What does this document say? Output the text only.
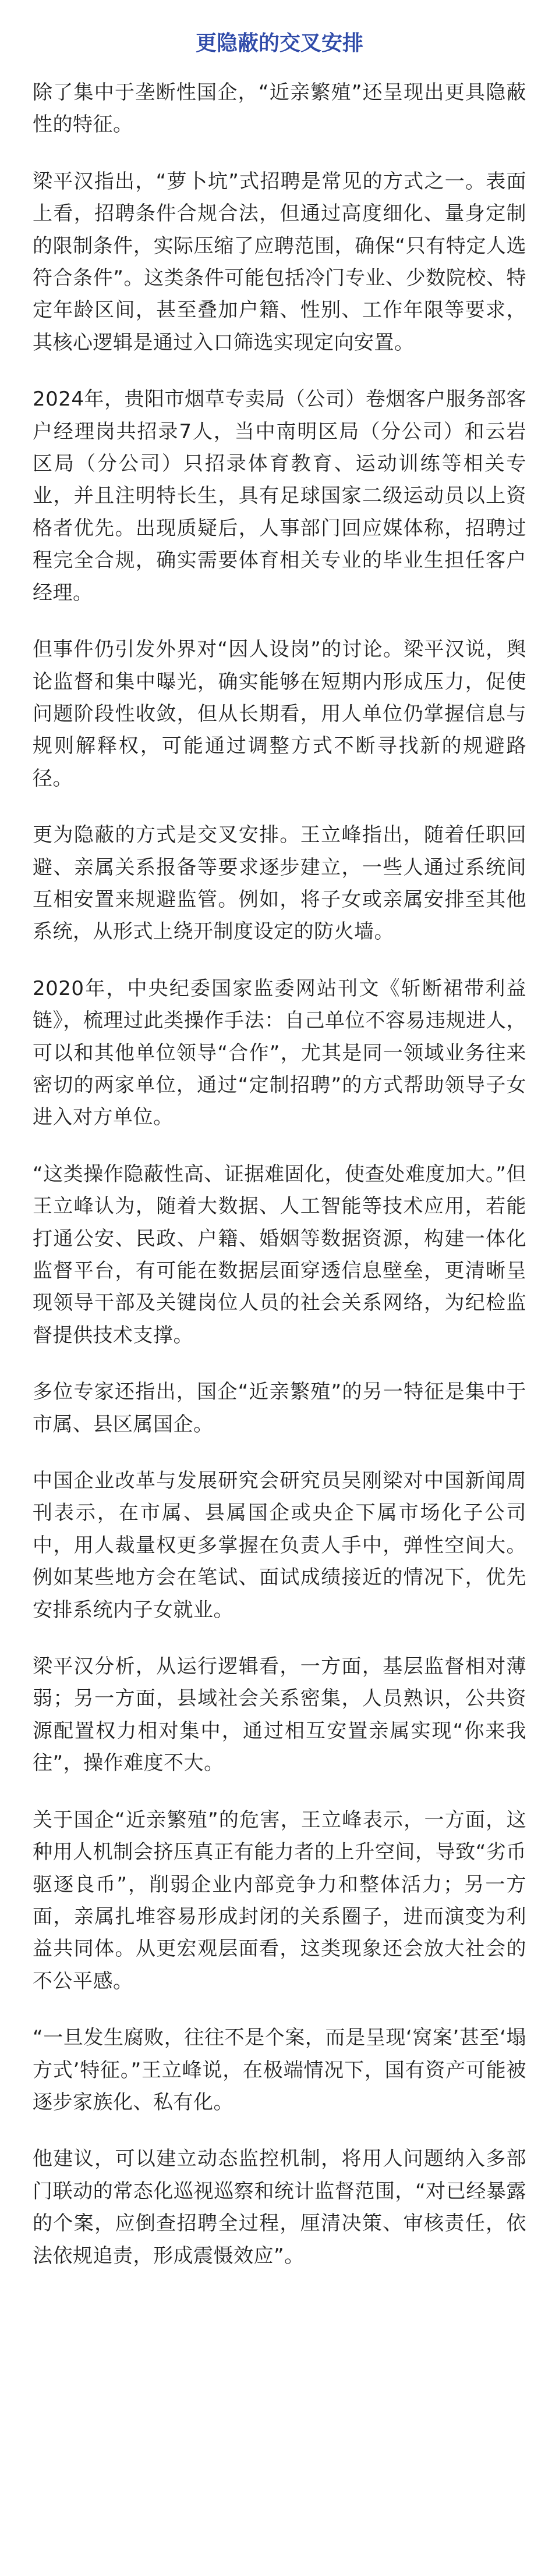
更隐蔽的交叉安排

除了集中于垄断性国企，“近亲繁殖”还呈现出更具隐蔽性的特征。

梁平汉指出，“萝卜坑”式招聘是常见的方式之一。表面上看，招聘条件合规合法，但通过高度细化、量身定制的限制条件，实际压缩了应聘范围，确保“只有特定人选符合条件”。这类条件可能包括冷门专业、少数院校、特定年龄区间，甚至叠加户籍、性别、工作年限等要求，其核心逻辑是通过入口筛选实现定向安置。

2024年，贵阳市烟草专卖局（公司）卷烟客户服务部客户经理岗共招录7人，当中南明区局（分公司）和云岩区局（分公司）只招录体育教育、运动训练等相关专业，并且注明特长生，具有足球国家二级运动员以上资格者优先。出现质疑后，人事部门回应媒体称，招聘过程完全合规，确实需要体育相关专业的毕业生担任客户经理。

但事件仍引发外界对“因人设岗”的讨论。梁平汉说，舆论监督和集中曝光，确实能够在短期内形成压力，促使问题阶段性收敛，但从长期看，用人单位仍掌握信息与规则解释权，可能通过调整方式不断寻找新的规避路径。

更为隐蔽的方式是交叉安排。王立峰指出，随着任职回避、亲属关系报备等要求逐步建立，一些人通过系统间互相安置来规避监管。例如，将子女或亲属安排至其他系统，从形式上绕开制度设定的防火墙。

2020年，中央纪委国家监委网站刊文《斩断裙带利益链》，梳理过此类操作手法：自己单位不容易违规进人，可以和其他单位领导“合作”，尤其是同一领域业务往来密切的两家单位，通过“定制招聘”的方式帮助领导子女进入对方单位。

“这类操作隐蔽性高、证据难固化，使查处难度加大。”但王立峰认为，随着大数据、人工智能等技术应用，若能打通公安、民政、户籍、婚姻等数据资源，构建一体化监督平台，有可能在数据层面穿透信息壁垒，更清晰呈现领导干部及关键岗位人员的社会关系网络，为纪检监督提供技术支撑。

多位专家还指出，国企“近亲繁殖”的另一特征是集中于市属、县区属国企。

中国企业改革与发展研究会研究员吴刚梁对中国新闻周刊表示，在市属、县属国企或央企下属市场化子公司中，用人裁量权更多掌握在负责人手中，弹性空间大。例如某些地方会在笔试、面试成绩接近的情况下，优先安排系统内子女就业。

梁平汉分析，从运行逻辑看，一方面，基层监督相对薄弱；另一方面，县域社会关系密集，人员熟识，公共资源配置权力相对集中，通过相互安置亲属实现“你来我往”，操作难度不大。

关于国企“近亲繁殖”的危害，王立峰表示，一方面，这种用人机制会挤压真正有能力者的上升空间，导致“劣币驱逐良币”，削弱企业内部竞争力和整体活力；另一方面，亲属扎堆容易形成封闭的关系圈子，进而演变为利益共同体。从更宏观层面看，这类现象还会放大社会的不公平感。

“一旦发生腐败，往往不是个案，而是呈现‘窝案’甚至‘塌方式’特征。”王立峰说，在极端情况下，国有资产可能被逐步家族化、私有化。

他建议，可以建立动态监控机制，将用人问题纳入多部门联动的常态化巡视巡察和统计监督范围，“对已经暴露的个案，应倒查招聘全过程，厘清决策、审核责任，依法依规追责，形成震慑效应”。
